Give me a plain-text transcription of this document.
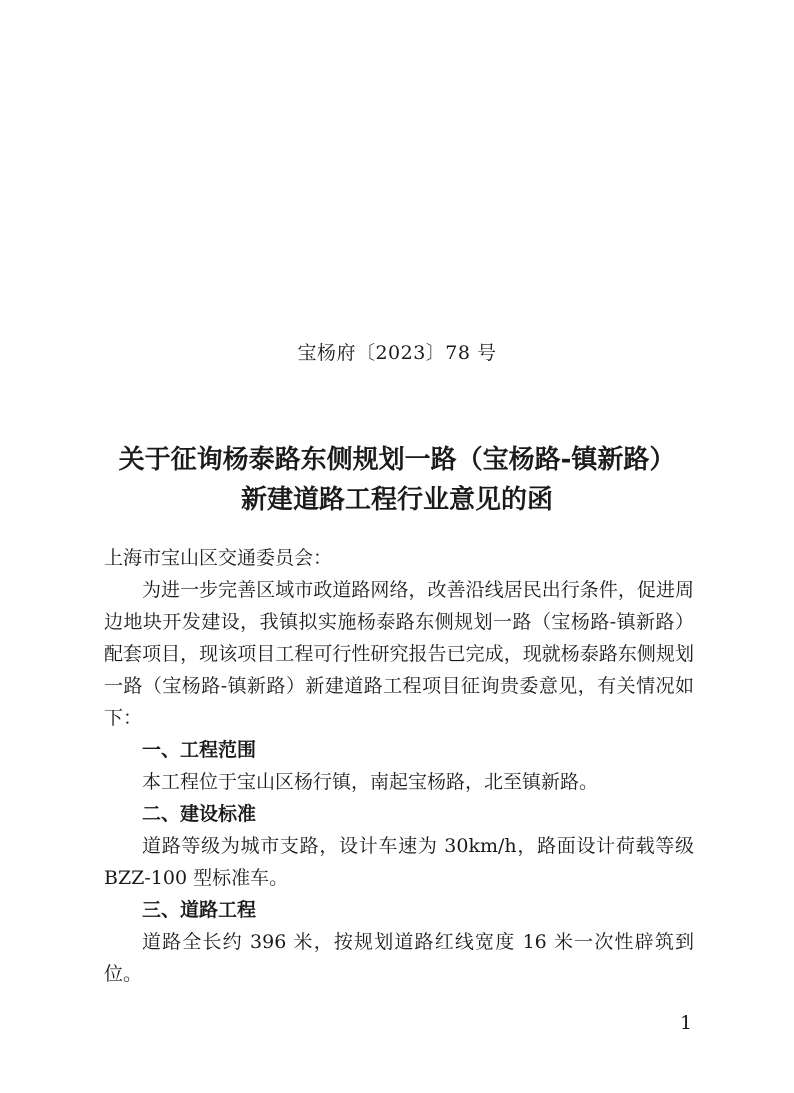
宝杨府〔2023〕78 号
关于征询杨泰路东侧规划一路（宝杨路-镇新路）
新建道路工程行业意见的函

上海市宝山区交通委员会：

为进一步完善区域市政道路网络，改善沿线居民出行条件，促进周边地块开发建设，我镇拟实施杨泰路东侧规划一路（宝杨路-镇新路）配套项目，现该项目工程可行性研究报告已完成，现就杨泰路东侧规划一路（宝杨路-镇新路）新建道路工程项目征询贵委意见，有关情况如下：

一、工程范围

本工程位于宝山区杨行镇，南起宝杨路，北至镇新路。

二、建设标准

道路等级为城市支路，设计车速为 30km/h，路面设计荷载等级 BZZ-100 型标准车。

三、道路工程

道路全长约 396 米，按规划道路红线宽度 16 米一次性辟筑到位。

1
